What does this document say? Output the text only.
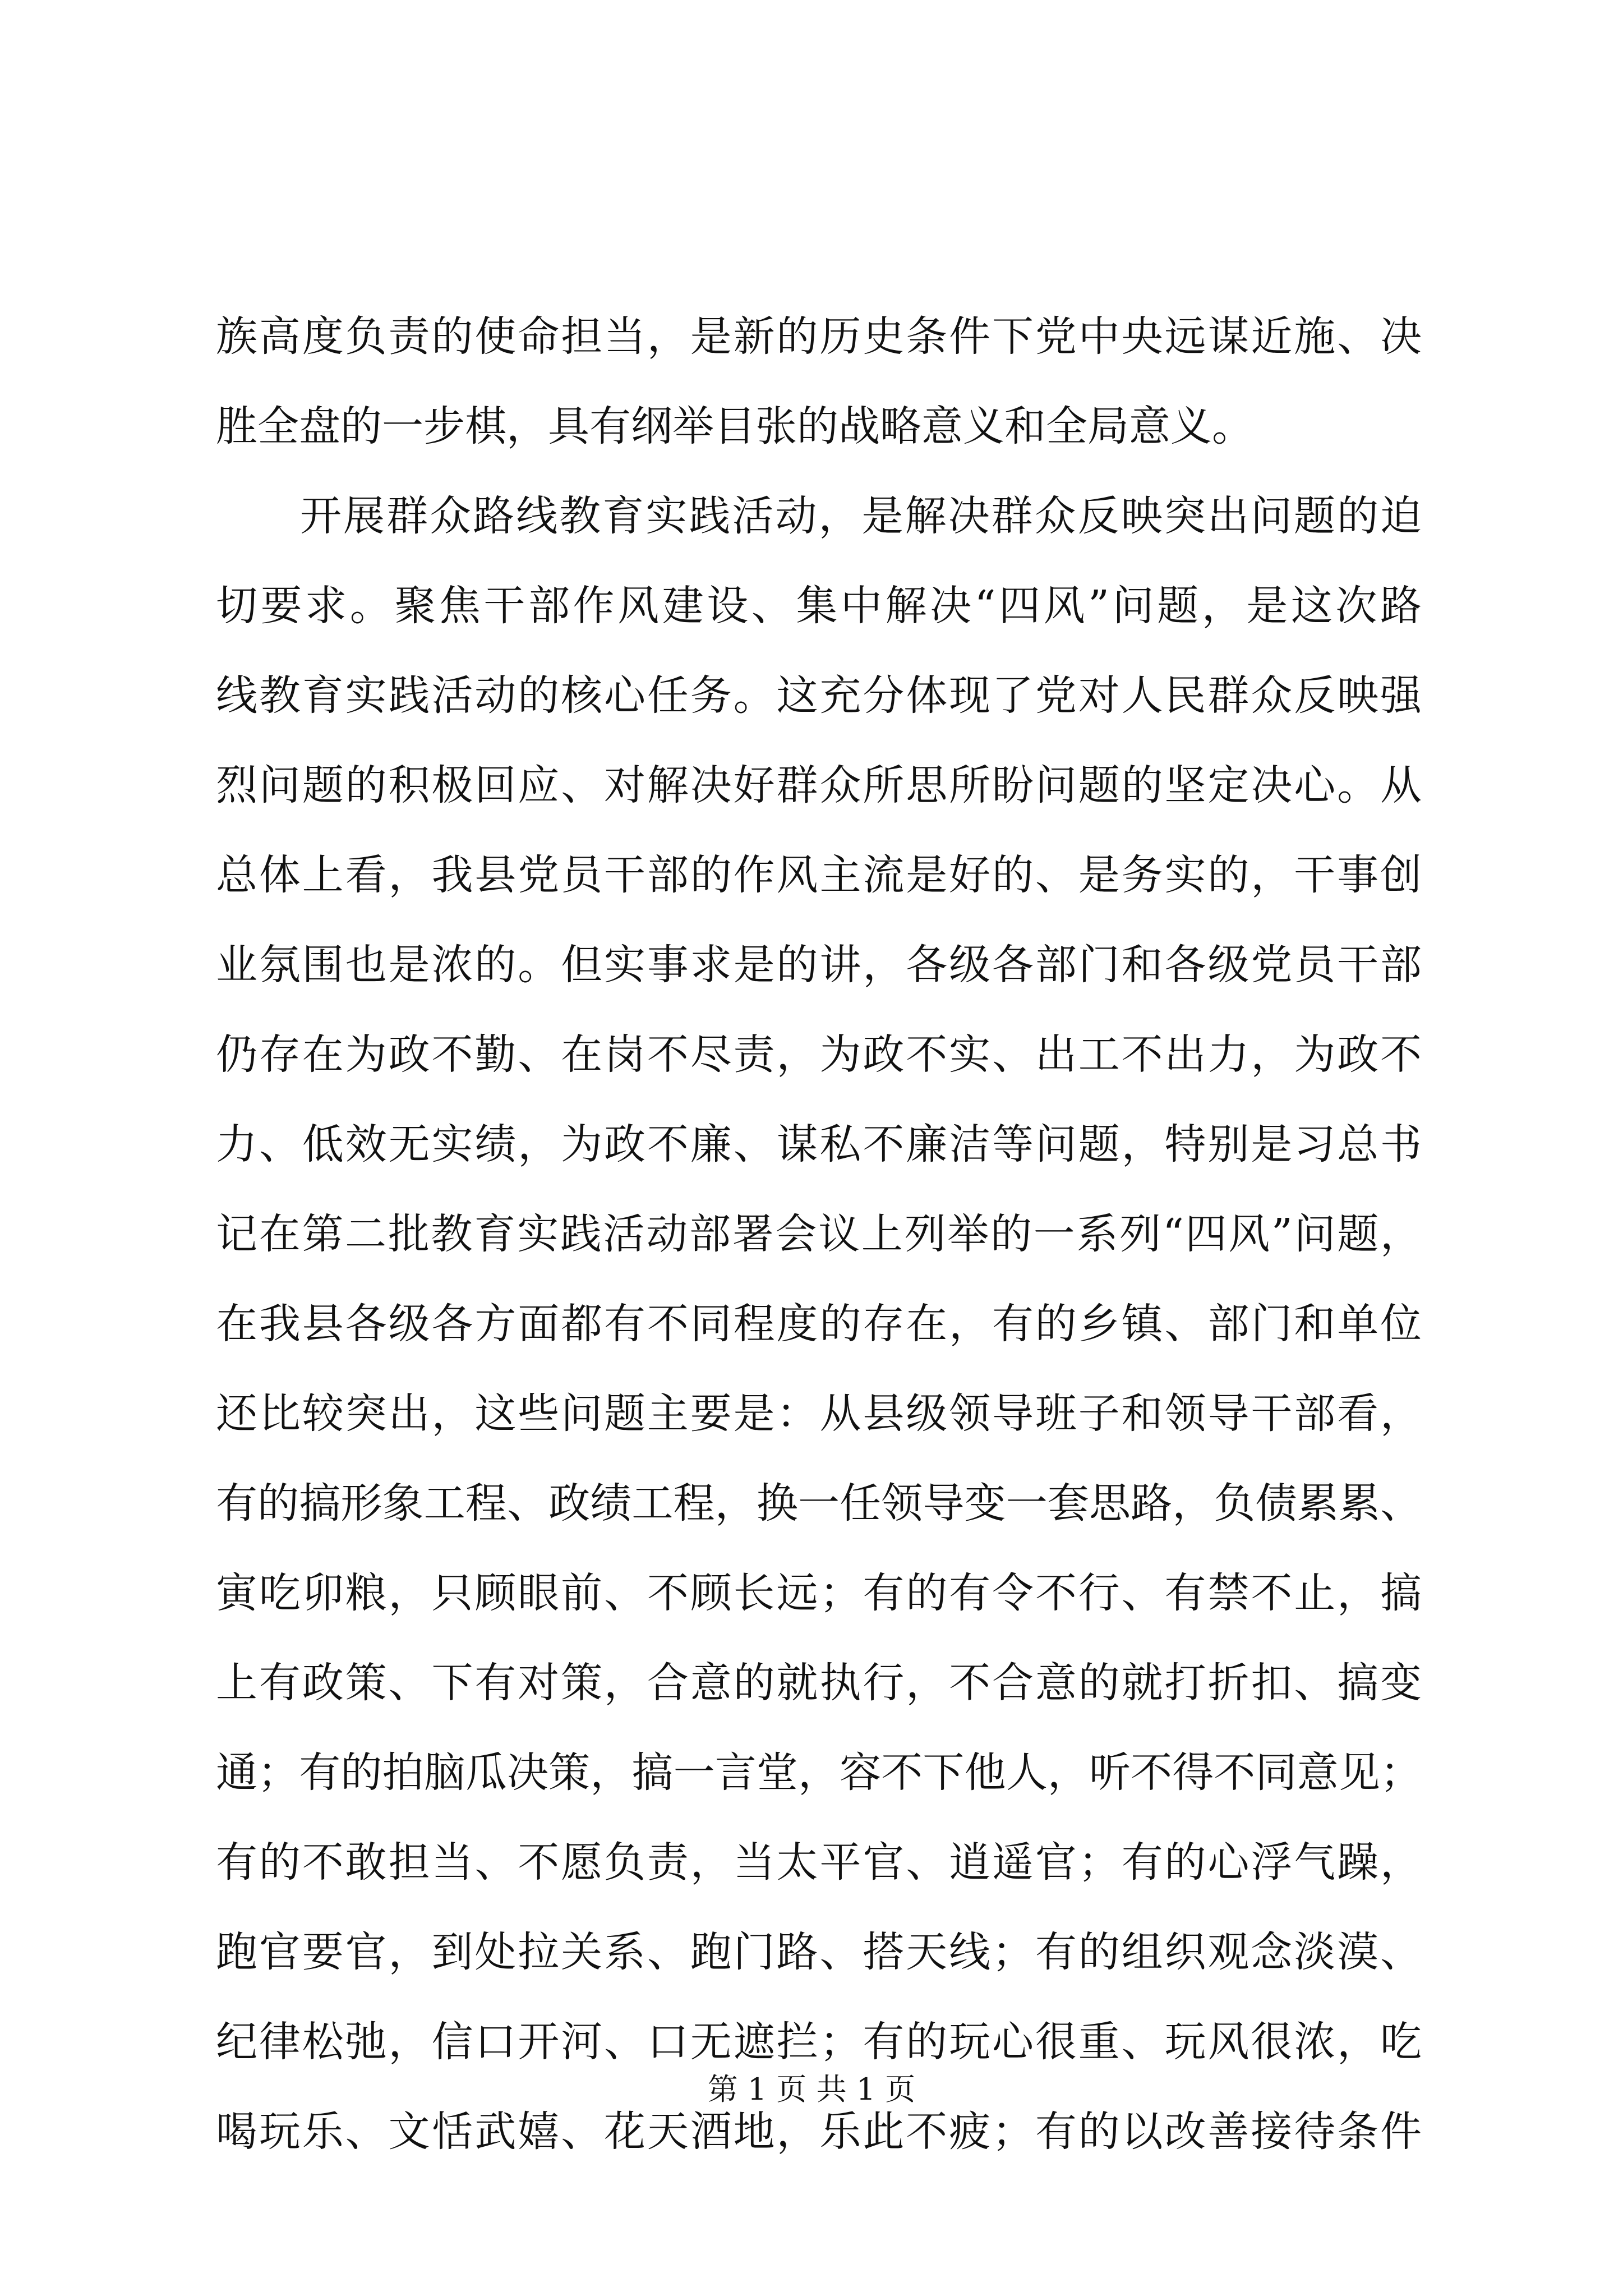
族高度负责的使命担当，是新的历史条件下党中央远谋近施、决
胜全盘的一步棋，具有纲举目张的战略意义和全局意义。
开展群众路线教育实践活动，是解决群众反映突出问题的迫
切要求。聚焦干部作风建设、集中解决“四风”问题，是这次路
线教育实践活动的核心任务。这充分体现了党对人民群众反映强
烈问题的积极回应、对解决好群众所思所盼问题的坚定决心。从
总体上看，我县党员干部的作风主流是好的、是务实的，干事创
业氛围也是浓的。但实事求是的讲，各级各部门和各级党员干部
仍存在为政不勤、在岗不尽责，为政不实、出工不出力，为政不
力、低效无实绩，为政不廉、谋私不廉洁等问题，特别是习总书
记在第二批教育实践活动部署会议上列举的一系列“四风”问题，
在我县各级各方面都有不同程度的存在，有的乡镇、部门和单位
还比较突出，这些问题主要是：从县级领导班子和领导干部看，
有的搞形象工程、政绩工程，换一任领导变一套思路，负债累累、
寅吃卯粮，只顾眼前、不顾长远；有的有令不行、有禁不止，搞
上有政策、下有对策，合意的就执行，不合意的就打折扣、搞变
通；有的拍脑瓜决策，搞一言堂，容不下他人，听不得不同意见；
有的不敢担当、不愿负责，当太平官、逍遥官；有的心浮气躁，
跑官要官，到处拉关系、跑门路、搭天线；有的组织观念淡漠、
纪律松弛，信口开河、口无遮拦；有的玩心很重、玩风很浓，吃
喝玩乐、文恬武嬉、花天酒地，乐此不疲；有的以改善接待条件
第 1 页 共 1 页
